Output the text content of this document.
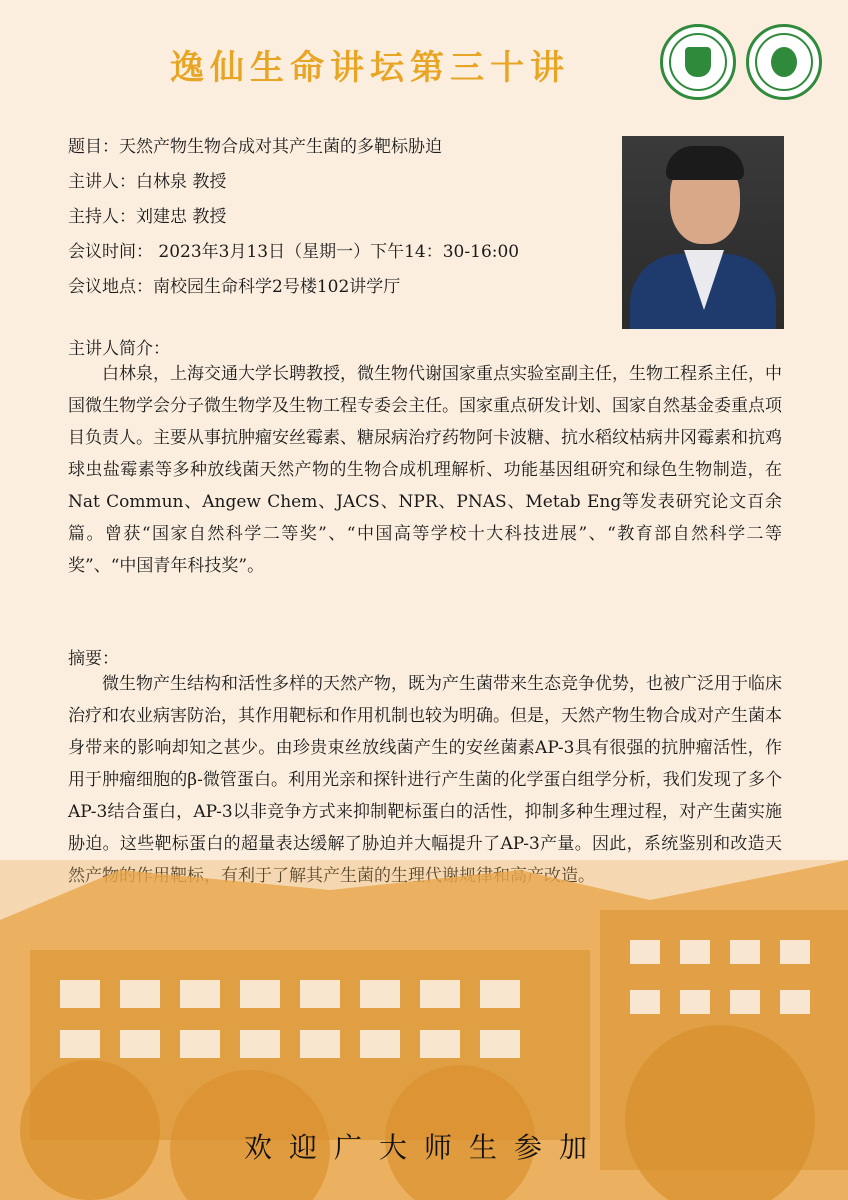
逸仙生命讲坛第三十讲
题目：天然产物生物合成对其产生菌的多靶标胁迫
主讲人：白林泉 教授
主持人：刘建忠 教授
会议时间： 2023年3月13日（星期一）下午14：30-16:00
会议地点：南校园生命科学2号楼102讲学厅
主讲人简介：

白林泉，上海交通大学长聘教授，微生物代谢国家重点实验室副主任，生物工程系主任，中国微生物学会分子微生物学及生物工程专委会主任。国家重点研发计划、国家自然基金委重点项目负责人。主要从事抗肿瘤安丝霉素、糖尿病治疗药物阿卡波糖、抗水稻纹枯病井冈霉素和抗鸡球虫盐霉素等多种放线菌天然产物的生物合成机理解析、功能基因组研究和绿色生物制造，在Nat Commun、Angew Chem、JACS、NPR、PNAS、Metab Eng等发表研究论文百余篇。曾获“国家自然科学二等奖”、“中国高等学校十大科技进展”、“教育部自然科学二等奖”、“中国青年科技奖”。

摘要：

微生物产生结构和活性多样的天然产物，既为产生菌带来生态竞争优势，也被广泛用于临床治疗和农业病害防治，其作用靶标和作用机制也较为明确。但是，天然产物生物合成对产生菌本身带来的影响却知之甚少。由珍贵束丝放线菌产生的安丝菌素AP-3具有很强的抗肿瘤活性，作用于肿瘤细胞的β-微管蛋白。利用光亲和探针进行产生菌的化学蛋白组学分析，我们发现了多个AP-3结合蛋白，AP-3以非竞争方式来抑制靶标蛋白的活性，抑制多种生理过程，对产生菌实施胁迫。这些靶标蛋白的超量表达缓解了胁迫并大幅提升了AP-3产量。因此，系统鉴别和改造天然产物的作用靶标，有利于了解其产生菌的生理代谢规律和高产改造。

欢迎广大师生参加
